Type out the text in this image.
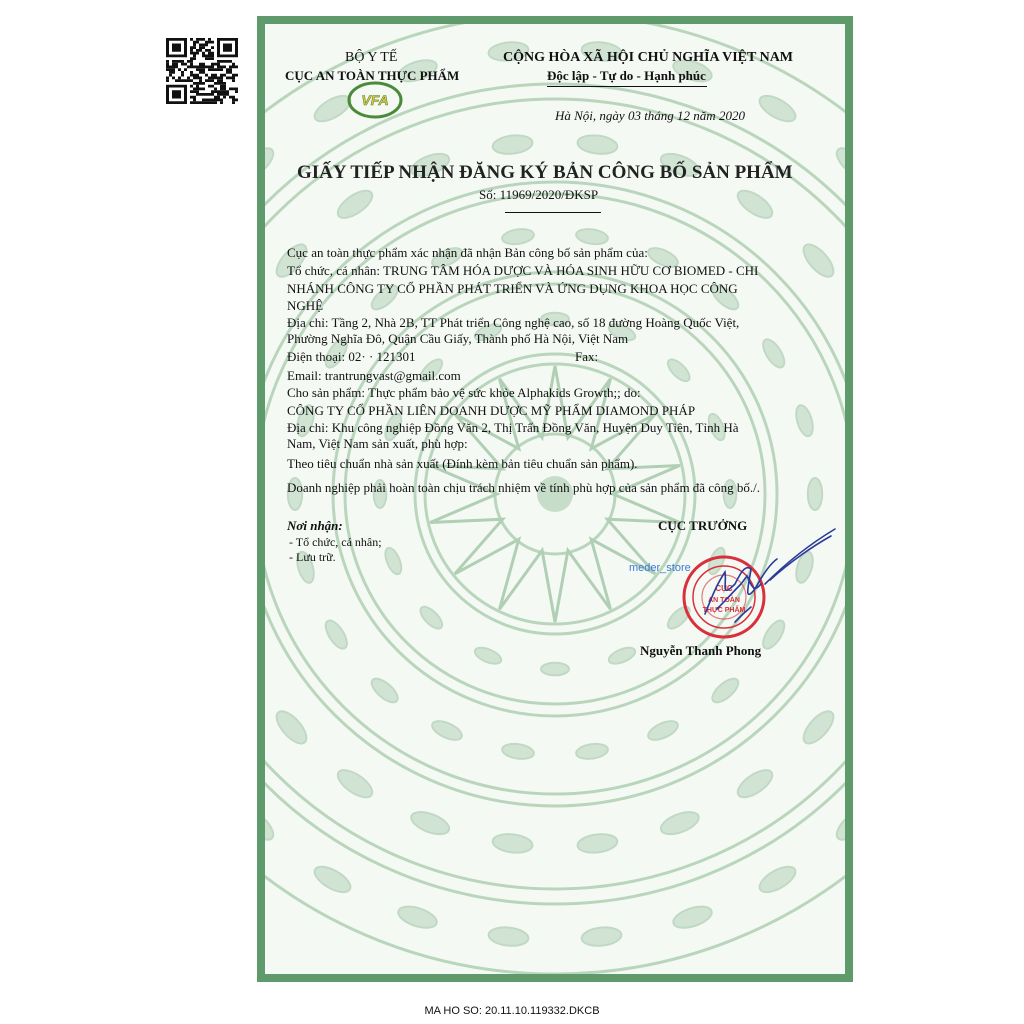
BỘ Y TẾ
CỤC AN TOÀN THỰC PHẨM
VFA
CỘNG HÒA XÃ HỘI CHỦ NGHĨA VIỆT NAM
Độc lập - Tự do - Hạnh phúc
Hà Nội, ngày 03 tháng 12 năm 2020
GIẤY TIẾP NHẬN ĐĂNG KÝ BẢN CÔNG BỐ SẢN PHẨM
Số: 11969/2020/ĐKSP
Cục an toàn thực phẩm xác nhận đã nhận Bản công bố sản phẩm của:
Tổ chức, cá nhân: TRUNG TÂM HÓA DƯỢC VÀ HÓA SINH HỮU CƠ BIOMED - CHI
NHÁNH CÔNG TY CỔ PHẦN PHÁT TRIỂN VÀ ỨNG DỤNG KHOA HỌC CÔNG
NGHỆ
Địa chỉ: Tầng 2, Nhà 2B, TT Phát triển Công nghệ cao, số 18 đường Hoàng Quốc Việt,
Phường Nghĩa Đô, Quận Cầu Giấy, Thành phố Hà Nội, Việt Nam
Điện thoại: 02· · 121301	Fax:
Email: trantrungvast@gmail.com
Cho sản phẩm: Thực phẩm bảo vệ sức khỏe Alphakids Growth;; do:
CÔNG TY CỔ PHẦN LIÊN DOANH DƯỢC MỸ PHẨM DIAMOND PHÁP
Địa chỉ: Khu công nghiệp Đồng Văn 2, Thị Trấn Đồng Văn, Huyện Duy Tiên, Tỉnh Hà
Nam, Việt Nam sản xuất, phù hợp:
Theo tiêu chuẩn nhà sản xuất (Đính kèm bản tiêu chuẩn sản phẩm).
Doanh nghiệp phải hoàn toàn chịu trách nhiệm về tính phù hợp của sản phẩm đã công bố./.
Nơi nhận:
- Tổ chức, cá nhân;
- Lưu trữ.
CỤC TRƯỞNG
CỤC
AN TOÀN
THỰC PHẨM
meder_store
Nguyễn Thanh Phong
MA HO SO: 20.11.10.119332.DKCB
